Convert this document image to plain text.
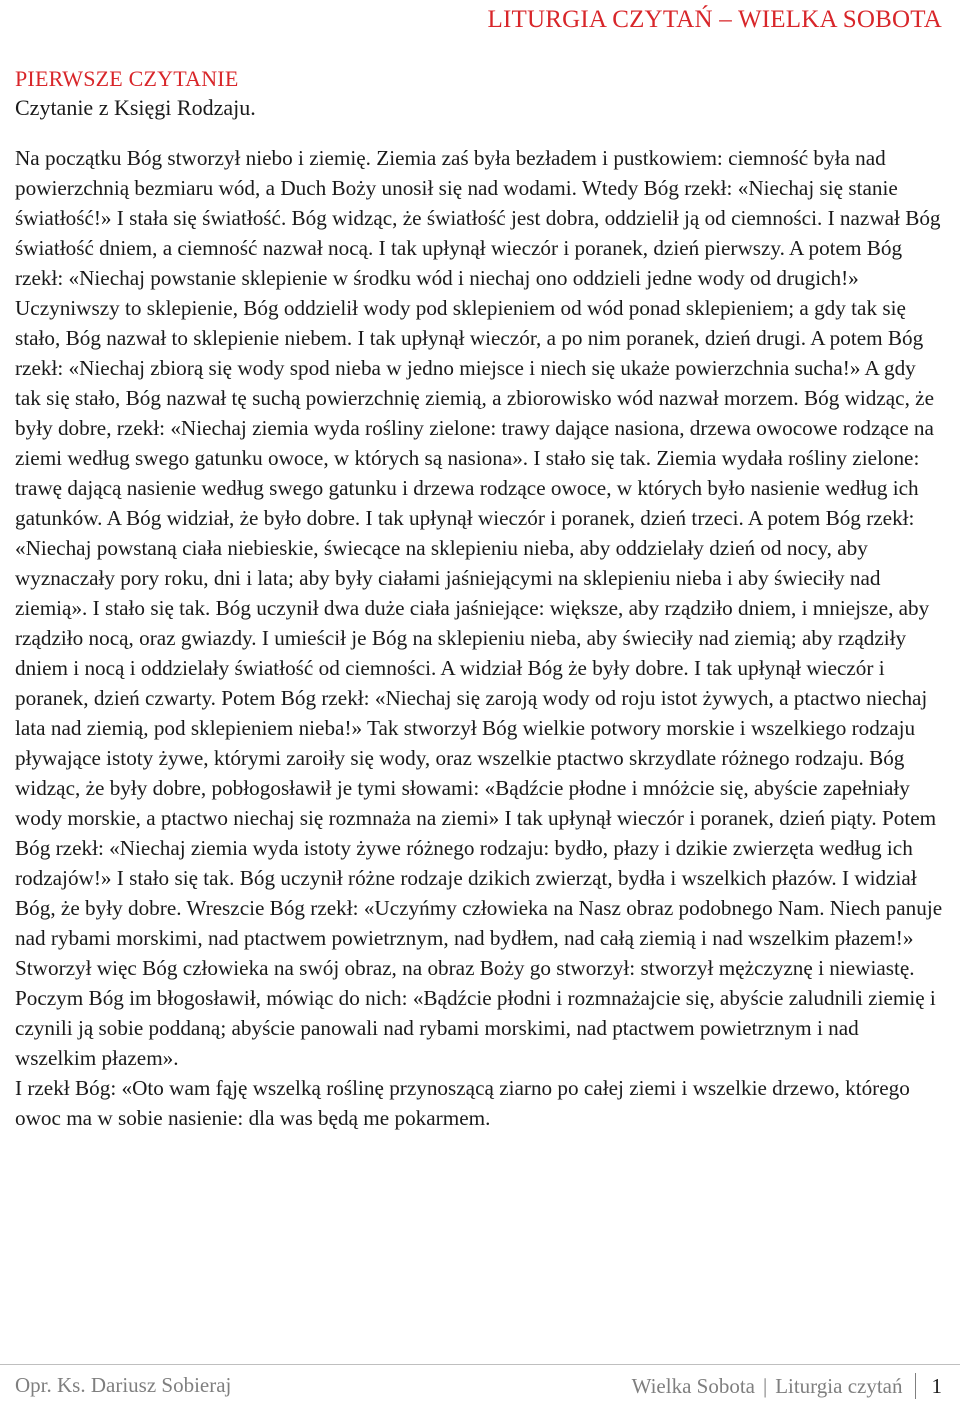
LITURGIA CZYTAŃ – WIELKA SOBOTA
PIERWSZE CZYTANIE
Czytanie z Księgi Rodzaju.

Na początku Bóg stworzył niebo i ziemię. Ziemia zaś była bezładem i pustkowiem: ciemność była nad powierzchnią bezmiaru wód, a Duch Boży unosił się nad wodami. Wtedy Bóg rzekł: «Niechaj się stanie światłość!» I stała się światłość. Bóg widząc, że światłość jest dobra, oddzielił ją od ciemności. I nazwał Bóg światłość dniem, a ciemność nazwał nocą. I tak upłynął wieczór i poranek, dzień pierwszy. A potem Bóg rzekł: «Niechaj powstanie sklepienie w środku wód i niechaj ono oddzieli jedne wody od drugich!» Uczyniwszy to sklepienie, Bóg oddzielił wody pod sklepieniem od wód ponad sklepieniem; a gdy tak się stało, Bóg nazwał to sklepienie niebem. I tak upłynął wieczór, a po nim poranek, dzień drugi. A potem Bóg rzekł: «Niechaj zbiorą się wody spod nieba w jedno miejsce i niech się ukaże powierzchnia sucha!» A gdy tak się stało, Bóg nazwał tę suchą powierzchnię ziemią, a zbiorowisko wód nazwał morzem. Bóg widząc, że były dobre, rzekł: «Niechaj ziemia wyda rośliny zielone: trawy dające nasiona, drzewa owocowe rodzące na ziemi według swego gatunku owoce, w których są nasiona». I stało się tak. Ziemia wydała rośliny zielone: trawę dającą nasienie według swego gatunku i drzewa rodzące owoce, w których było nasienie według ich gatunków. A Bóg widział, że było dobre. I tak upłynął wieczór i poranek, dzień trzeci. A potem Bóg rzekł: «Niechaj powstaną ciała niebieskie, świecące na sklepieniu nieba, aby oddzielały dzień od nocy, aby wyznaczały pory roku, dni i lata; aby były ciałami jaśniejącymi na sklepieniu nieba i aby świeciły nad ziemią». I stało się tak. Bóg uczynił dwa duże ciała jaśniejące: większe, aby rządziło dniem, i mniejsze, aby rządziło nocą, oraz gwiazdy. I umieścił je Bóg na sklepieniu nieba, aby świeciły nad ziemią; aby rządziły dniem i nocą i oddzielały światłość od ciemności. A widział Bóg że były dobre. I tak upłynął wieczór i poranek, dzień czwarty. Potem Bóg rzekł: «Niechaj się zaroją wody od roju istot żywych, a ptactwo niechaj lata nad ziemią, pod sklepieniem nieba!» Tak stworzył Bóg wielkie potwory morskie i wszelkiego rodzaju pływające istoty żywe, którymi zaroiły się wody, oraz wszelkie ptactwo skrzydlate różnego rodzaju. Bóg widząc, że były dobre, pobłogosławił je tymi słowami: «Bądźcie płodne i mnóżcie się, abyście zapełniały wody morskie, a ptactwo niechaj się rozmnaża na ziemi» I tak upłynął wieczór i poranek, dzień piąty. Potem Bóg rzekł: «Niechaj ziemia wyda istoty żywe różnego rodzaju: bydło, płazy i dzikie zwierzęta według ich rodzajów!» I stało się tak. Bóg uczynił różne rodzaje dzikich zwierząt, bydła i wszelkich płazów. I widział Bóg, że były dobre. Wreszcie Bóg rzekł: «Uczyńmy człowieka na Nasz obraz podobnego Nam. Niech panuje nad rybami morskimi, nad ptactwem powietrznym, nad bydłem, nad całą ziemią i nad wszelkim płazem!» Stworzył więc Bóg człowieka na swój obraz, na obraz Boży go stworzył: stworzył mężczyznę i niewiastę. Poczym Bóg im błogosławił, mówiąc do nich: «Bądźcie płodni i rozmnażajcie się, abyście zaludnili ziemię i czynili ją sobie poddaną; abyście panowali nad rybami morskimi, nad ptactwem powietrznym i nad wszelkim płazem».

I rzekł Bóg: «Oto wam fąję wszelką roślinę przynoszącą ziarno po całej ziemi i wszelkie drzewo, którego owoc ma w sobie nasienie: dla was będą me pokarmem.

Opr. Ks. Dariusz Sobieraj	Wielka Sobota | Liturgia czytań 1
